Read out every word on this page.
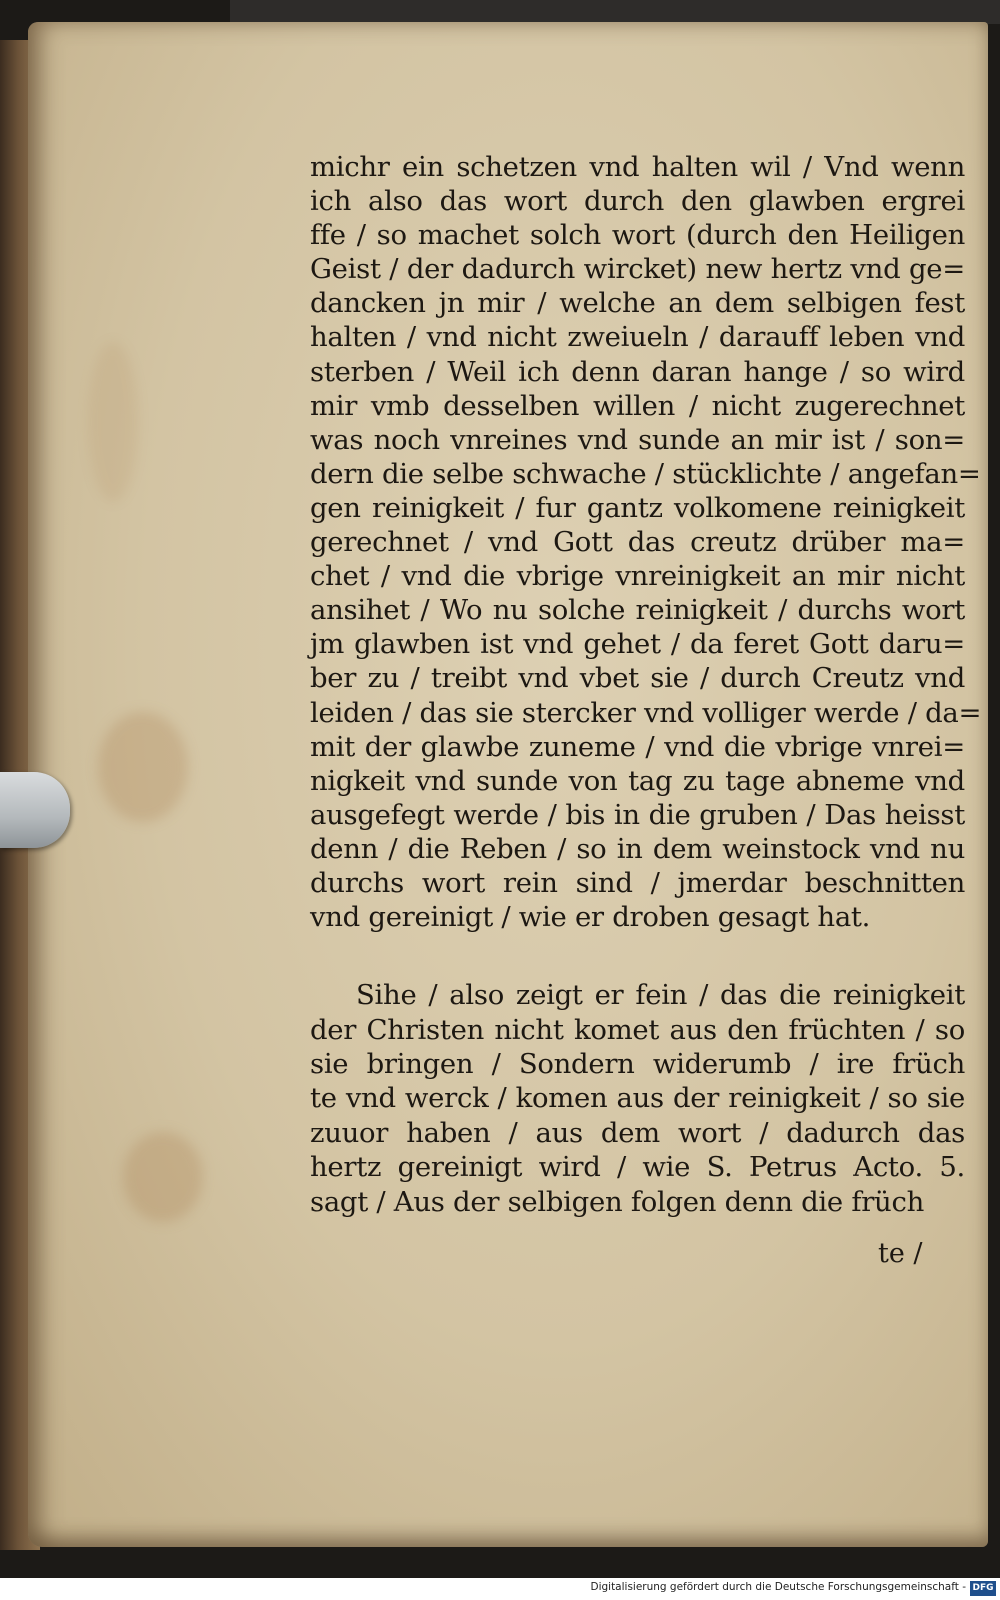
michr ein schetzen vnd halten wil / Vnd wenn
ich also das wort durch den glawben ergrei
ffe / so machet solch wort (durch den Heiligen
Geist / der dadurch wircket) new hertz vnd ge=
dancken jn mir / welche an dem selbigen fest
halten / vnd nicht zweiueln / darauff leben vnd
sterben / Weil ich denn daran hange / so wird
mir vmb desselben willen / nicht zugerechnet
was noch vnreines vnd sunde an mir ist / son=
dern die selbe schwache / stücklichte / angefan=
gen reinigkeit / fur gantz volkomene reinigkeit
gerechnet / vnd Gott das creutz drüber ma=
chet / vnd die vbrige vnreinigkeit an mir nicht
ansihet / Wo nu solche reinigkeit / durchs wort
jm glawben ist vnd gehet / da feret Gott daru=
ber zu / treibt vnd vbet sie / durch Creutz vnd
leiden / das sie stercker vnd volliger werde / da=
mit der glawbe zuneme / vnd die vbrige vnrei=
nigkeit vnd sunde von tag zu tage abneme vnd
ausgefegt werde / bis in die gruben / Das heisst
denn / die Reben / so in dem weinstock vnd nu
durchs wort rein sind / jmerdar beschnitten
vnd gereinigt / wie er droben gesagt hat.
Sihe / also zeigt er fein / das die reinigkeit
der Christen nicht komet aus den früchten / so
sie bringen / Sondern widerumb / ire früch
te vnd werck / komen aus der reinigkeit / so sie
zuuor haben / aus dem wort / dadurch das
hertz gereinigt wird / wie S. Petrus Acto. 5.
sagt / Aus der selbigen folgen denn die früch
te /
Digitalisierung gefördert durch die Deutsche Forschungsgemeinschaft - DFG
